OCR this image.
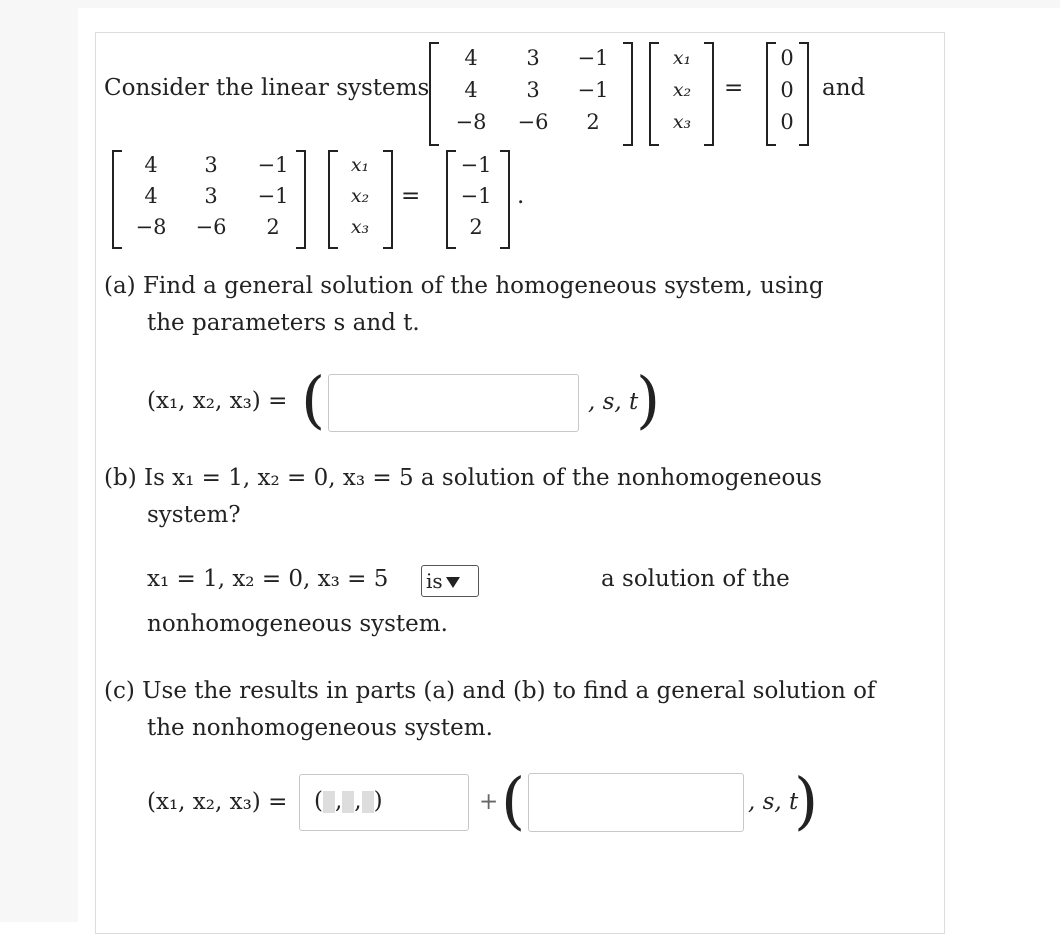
Consider the linear systems
4	3	−1
4	3	−1
−8 −6	2
x₁
x₂
x₃
=
0
0
0
and
4	3	−1
4	3	−1
−8 −6	2
x₁
x₂
x₃
=
−1
−1
2
.
(a) Find a general solution of the homogeneous system, using
the parameters s and t.
(x₁, x₂, x₃) = (	, s, t
)
(b) Is x₁ = 1, x₂ = 0, x₃ = 5 a solution of the nonhomogeneous
system?
x₁ = 1, x₂ = 0, x₃ = 5 is	a solution of the
nonhomogeneous system.
(c) Use the results in parts (a) and (b) to find a general solution of
the nonhomogeneous system.
(x₁, x₂, x₃) = ( , , )	+ (	, s, t
)
